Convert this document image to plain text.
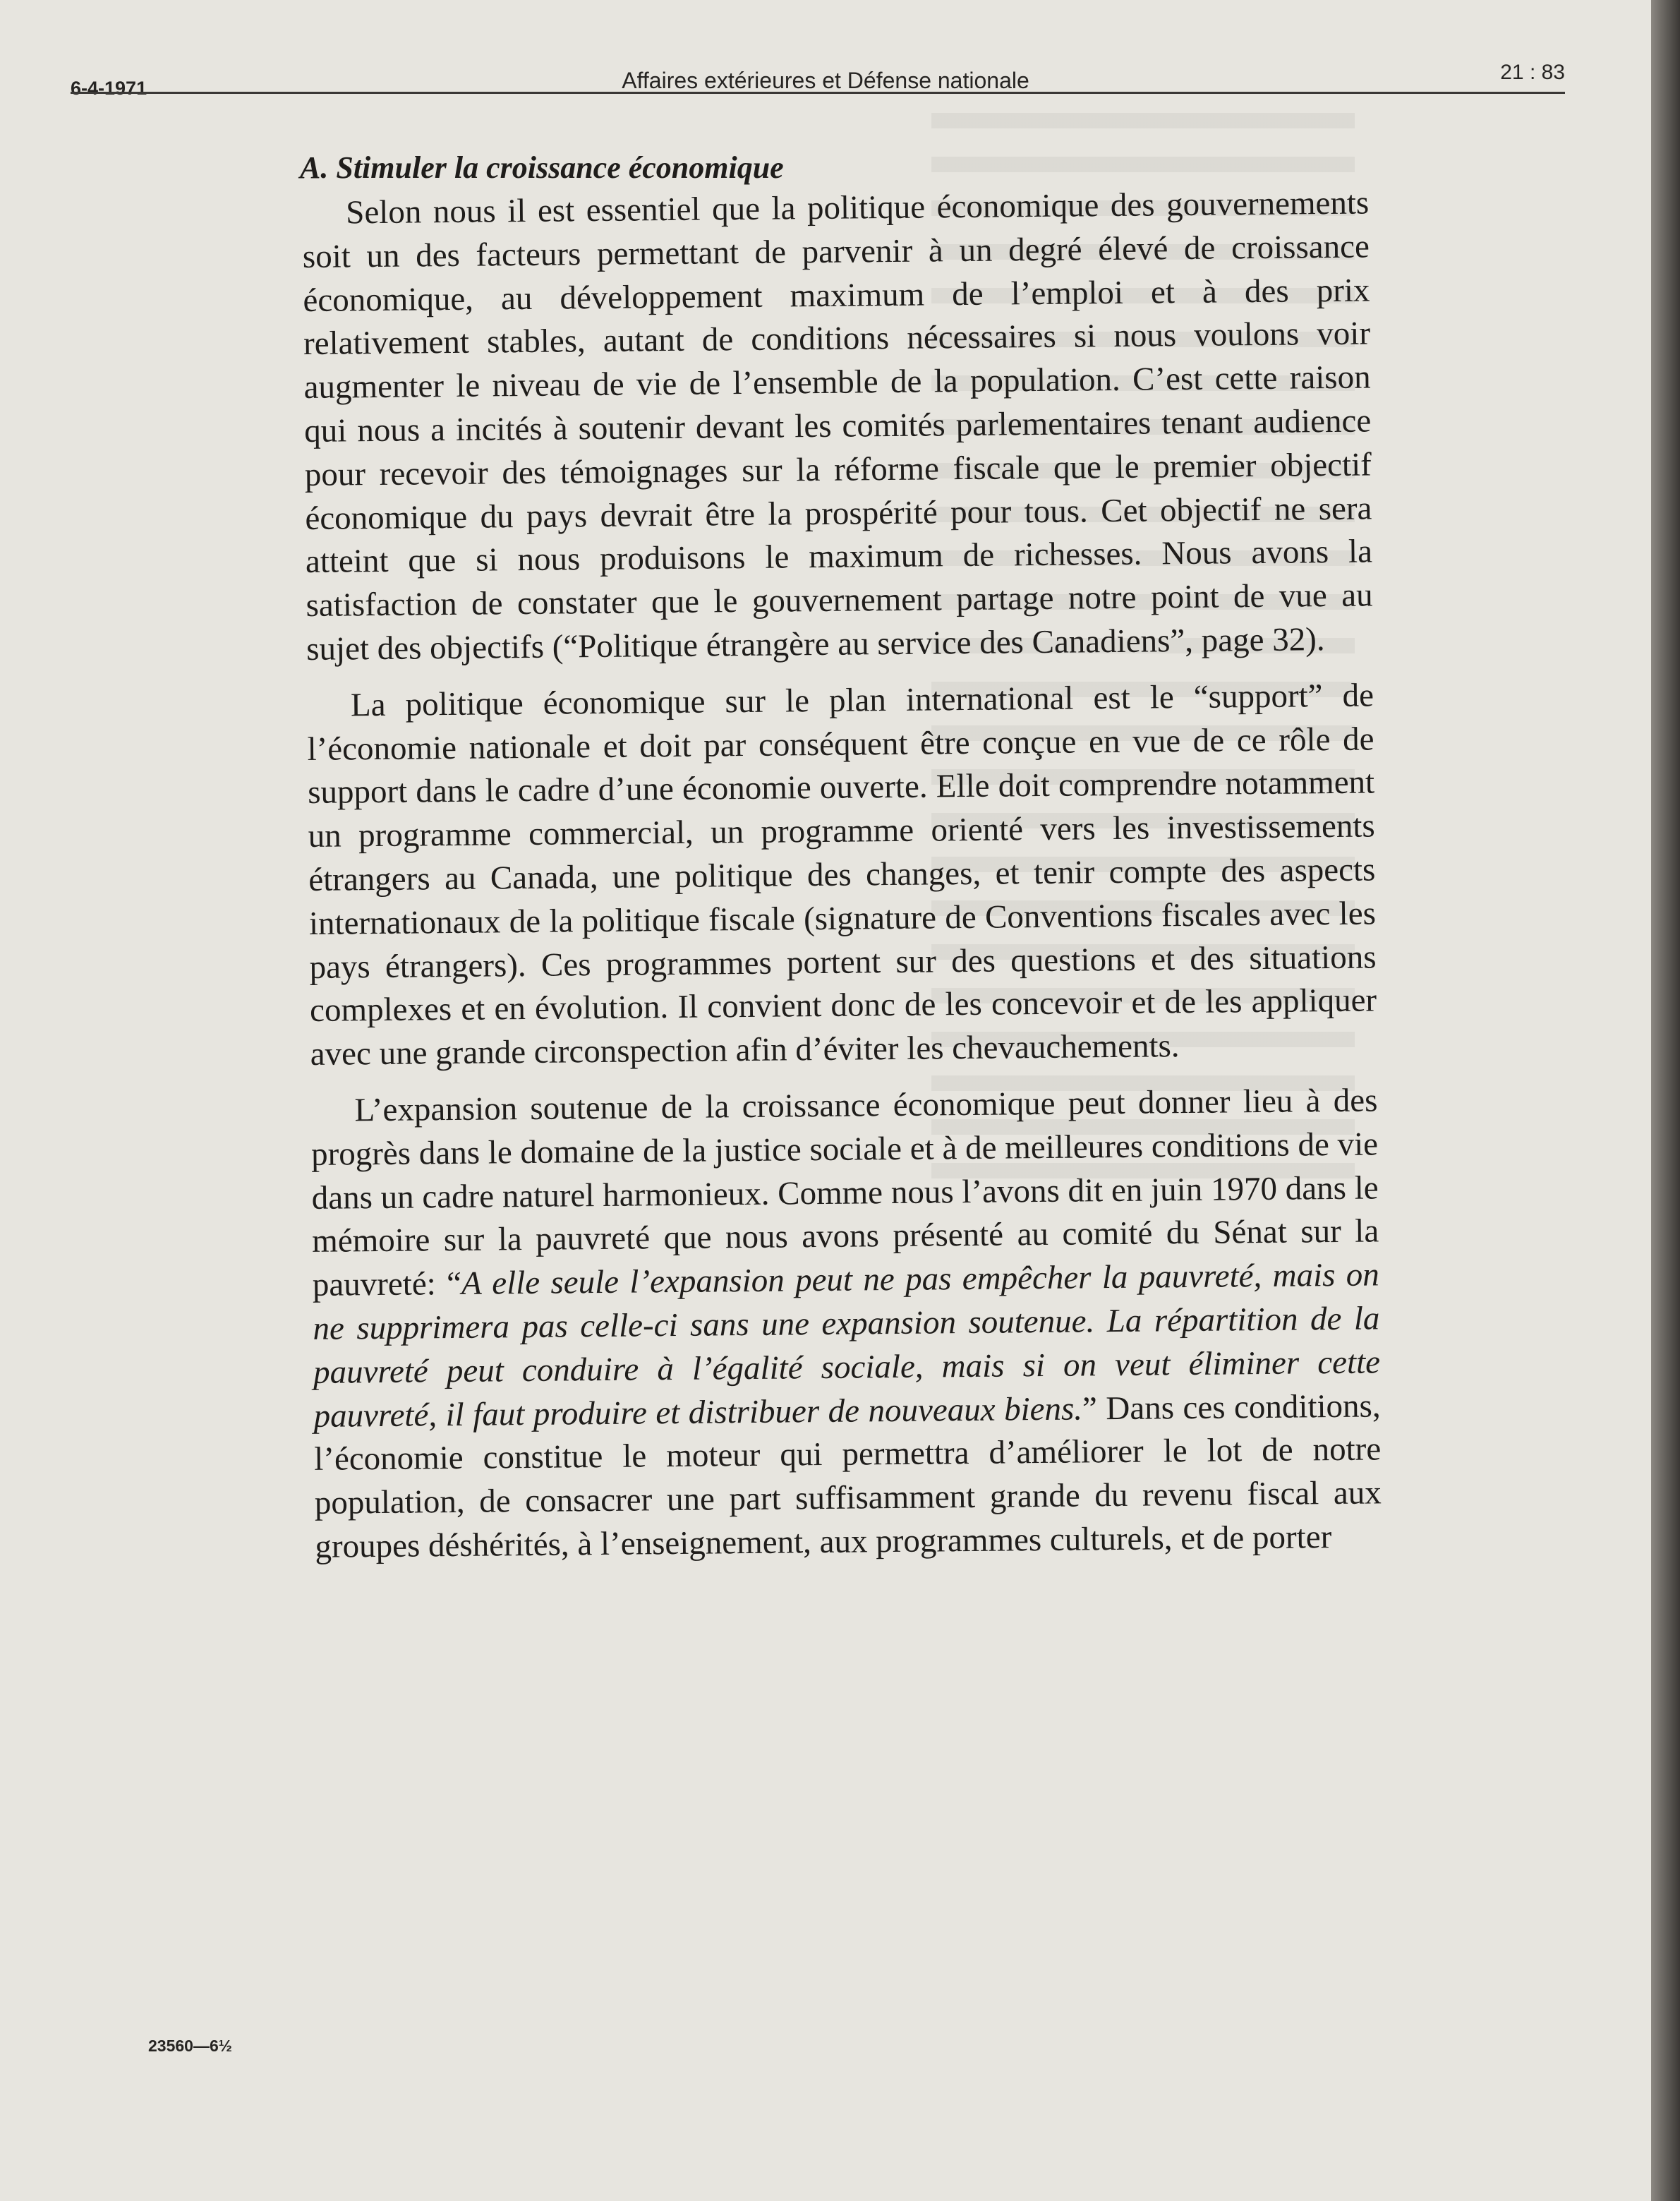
6-4-1971	Affaires extérieures et Défense nationale	21 : 83
A. Stimuler la croissance économique

Selon nous il est essentiel que la politique économique des gouvernements soit un des facteurs permettant de parvenir à un degré élevé de croissance économique, au développement maximum de l’emploi et à des prix relativement stables, autant de conditions nécessaires si nous voulons voir augmenter le niveau de vie de l’ensemble de la population. C’est cette raison qui nous a incités à soutenir devant les comités parlementaires tenant audience pour recevoir des témoignages sur la réforme fiscale que le premier objectif économique du pays devrait être la prospérité pour tous. Cet objectif ne sera atteint que si nous produisons le maximum de richesses. Nous avons la satisfaction de constater que le gouvernement partage notre point de vue au sujet des objectifs (“Politique étrangère au service des Canadiens”, page 32).

La politique économique sur le plan international est le “support” de l’économie nationale et doit par conséquent être conçue en vue de ce rôle de support dans le cadre d’une économie ouverte. Elle doit comprendre notamment un programme commercial, un programme orienté vers les investissements étrangers au Canada, une politique des changes, et tenir compte des aspects internationaux de la politique fiscale (signature de Conventions fiscales avec les pays étrangers). Ces programmes portent sur des questions et des situations complexes et en évolution. Il convient donc de les concevoir et de les appliquer avec une grande circonspection afin d’éviter les chevauchements.

L’expansion soutenue de la croissance économique peut donner lieu à des progrès dans le domaine de la justice sociale et à de meilleures conditions de vie dans un cadre naturel harmonieux. Comme nous l’avons dit en juin 1970 dans le mémoire sur la pauvreté que nous avons présenté au comité du Sénat sur la pauvreté: “A elle seule l’expansion peut ne pas empêcher la pauvreté, mais on ne supprimera pas celle-ci sans une expansion soutenue. La répartition de la pauvreté peut conduire à l’égalité sociale, mais si on veut éliminer cette pauvreté, il faut produire et distribuer de nouveaux biens.” Dans ces conditions, l’économie constitue le moteur qui permettra d’améliorer le lot de notre population, de consacrer une part suffisamment grande du revenu fiscal aux groupes déshérités, à l’enseignement, aux programmes culturels, et de porter

23560—6½
